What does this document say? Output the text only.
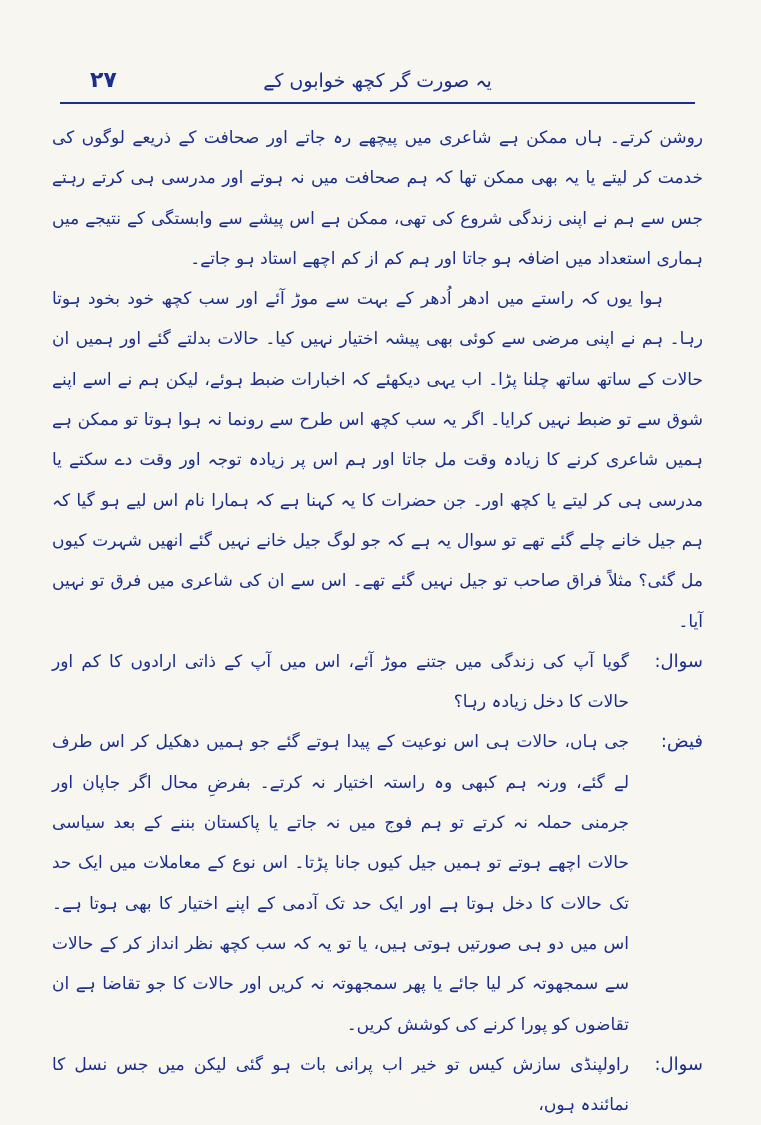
یہ صورت گر کچھ خوابوں کے
۲۷

روشن کرتے۔ ہاں ممکن ہے شاعری میں پیچھے رہ جاتے اور صحافت کے ذریعے لوگوں کی خدمت کر لیتے یا یہ بھی ممکن تھا کہ ہم صحافت میں نہ ہوتے اور مدرسی ہی کرتے رہتے جس سے ہم نے اپنی زندگی شروع کی تھی، ممکن ہے اس پیشے سے وابستگی کے نتیجے میں ہماری استعداد میں اضافہ ہو جاتا اور ہم کم از کم اچھے استاد ہو جاتے۔

ہوا یوں کہ راستے میں ادھر اُدھر کے بہت سے موڑ آئے اور سب کچھ خود بخود ہوتا رہا۔ ہم نے اپنی مرضی سے کوئی بھی پیشہ اختیار نہیں کیا۔ حالات بدلتے گئے اور ہمیں ان حالات کے ساتھ ساتھ چلنا پڑا۔ اب یہی دیکھئے کہ اخبارات ضبط ہوئے، لیکن ہم نے اسے اپنے شوق سے تو ضبط نہیں کرایا۔ اگر یہ سب کچھ اس طرح سے رونما نہ ہوا ہوتا تو ممکن ہے ہمیں شاعری کرنے کا زیادہ وقت مل جاتا اور ہم اس پر زیادہ توجہ اور وقت دے سکتے یا مدرسی ہی کر لیتے یا کچھ اور۔ جن حضرات کا یہ کہنا ہے کہ ہمارا نام اس لیے ہو گیا کہ ہم جیل خانے چلے گئے تھے تو سوال یہ ہے کہ جو لوگ جیل خانے نہیں گئے انھیں شہرت کیوں مل گئی؟ مثلاً فراق صاحب تو جیل نہیں گئے تھے۔ اس سے ان کی شاعری میں فرق تو نہیں آیا۔

سوال:

گویا آپ کی زندگی میں جتنے موڑ آئے، اس میں آپ کے ذاتی ارادوں کا کم اور حالات کا دخل زیادہ رہا؟

فیض:

جی ہاں، حالات ہی اس نوعیت کے پیدا ہوتے گئے جو ہمیں دھکیل کر اس طرف لے گئے، ورنہ ہم کبھی وہ راستہ اختیار نہ کرتے۔ بفرضِ محال اگر جاپان اور جرمنی حملہ نہ کرتے تو ہم فوج میں نہ جاتے یا پاکستان بننے کے بعد سیاسی حالات اچھے ہوتے تو ہمیں جیل کیوں جانا پڑتا۔ اس نوع کے معاملات میں ایک حد تک حالات کا دخل ہوتا ہے اور ایک حد تک آدمی کے اپنے اختیار کا بھی ہوتا ہے۔ اس میں دو ہی صورتیں ہوتی ہیں، یا تو یہ کہ سب کچھ نظر انداز کر کے حالات سے سمجھوتہ کر لیا جائے یا پھر سمجھوتہ نہ کریں اور حالات کا جو تقاضا ہے ان تقاضوں کو پورا کرنے کی کوشش کریں۔

سوال:

راولپنڈی سازش کیس تو خیر اب پرانی بات ہو گئی لیکن میں جس نسل کا نمائندہ ہوں،
